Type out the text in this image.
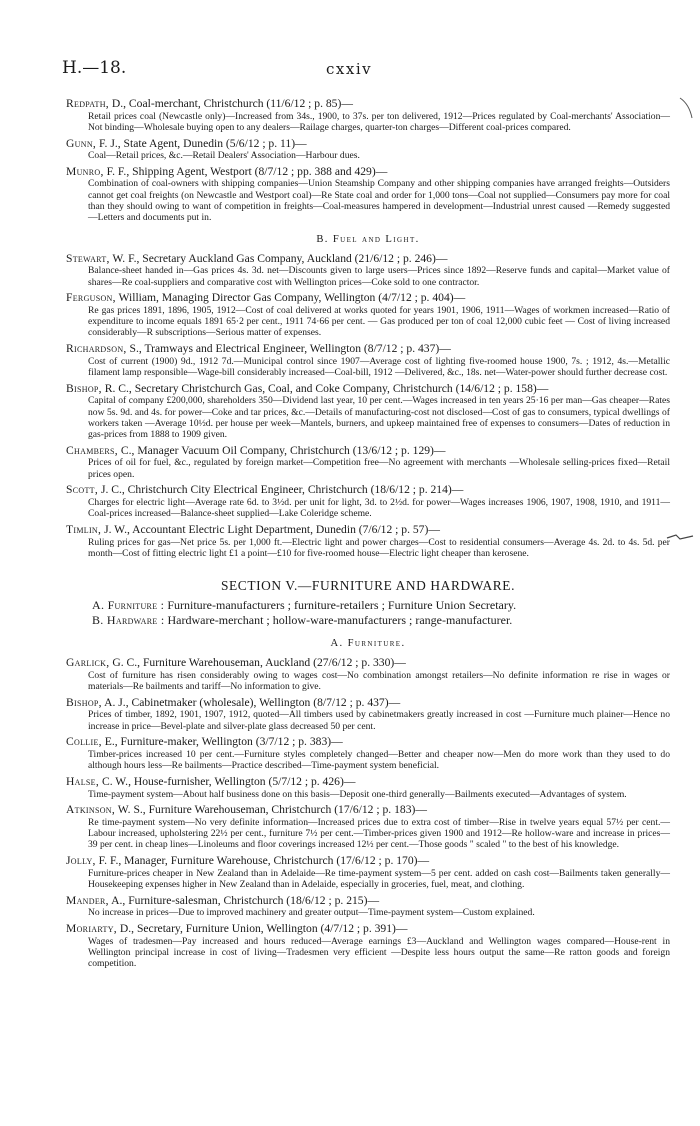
H.—18.	cxxiv
Redpath, D., Coal-merchant, Christchurch (11/6/12 ; p. 85)—
Retail prices coal (Newcastle only)—Increased from 34s., 1900, to 37s. per ton delivered, 1912—Prices regulated by Coal-merchants' Association—Not binding—Wholesale buying open to any dealers—Railage charges, quarter-ton charges—Different coal-prices compared.
Gunn, F. J., State Agent, Dunedin (5/6/12 ; p. 11)—
Coal—Retail prices, &c.—Retail Dealers' Association—Harbour dues.
Munro, F. F., Shipping Agent, Westport (8/7/12 ; pp. 388 and 429)—
Combination of coal-owners with shipping companies—Union Steamship Company and other shipping companies have arranged freights—Outsiders cannot get coal freights (on Newcastle and Westport coal)—Re State coal and order for 1,000 tons—Coal not supplied—Consumers pay more for coal than they should owing to want of competition in freights—Coal-measures hampered in development—Industrial unrest caused —Remedy suggested—Letters and documents put in.
B. Fuel and Light.
Stewart, W. F., Secretary Auckland Gas Company, Auckland (21/6/12 ; p. 246)—
Balance-sheet handed in—Gas prices 4s. 3d. net—Discounts given to large users—Prices since 1892—Reserve funds and capital—Market value of shares—Re coal-suppliers and comparative cost with Wellington prices—Coke sold to one contractor.
Ferguson, William, Managing Director Gas Company, Wellington (4/7/12 ; p. 404)—
Re gas prices 1891, 1896, 1905, 1912—Cost of coal delivered at works quoted for years 1901, 1906, 1911—Wages of workmen increased—Ratio of expenditure to income equals 1891 65·2 per cent., 1911 74·66 per cent. — Gas produced per ton of coal 12,000 cubic feet — Cost of living increased considerably—R subscriptions—Serious matter of expenses.
Richardson, S., Tramways and Electrical Engineer, Wellington (8/7/12 ; p. 437)—
Cost of current (1900) 9d., 1912 7d.—Municipal control since 1907—Average cost of lighting five-roomed house 1900, 7s. ; 1912, 4s.—Metallic filament lamp responsible—Wage-bill considerably increased—Coal-bill, 1912 —Delivered, &c., 18s. net—Water-power should further decrease cost.
Bishop, R. C., Secretary Christchurch Gas, Coal, and Coke Company, Christchurch (14/6/12 ; p. 158)—
Capital of company £200,000, shareholders 350—Dividend last year, 10 per cent.—Wages increased in ten years 25·16 per man—Gas cheaper—Rates now 5s. 9d. and 4s. for power—Coke and tar prices, &c.—Details of manufacturing-cost not disclosed—Cost of gas to consumers, typical dwellings of workers taken —Average 10½d. per house per week—Mantels, burners, and upkeep maintained free of expenses to consumers—Dates of reduction in gas-prices from 1888 to 1909 given.
Chambers, C., Manager Vacuum Oil Company, Christchurch (13/6/12 ; p. 129)—
Prices of oil for fuel, &c., regulated by foreign market—Competition free—No agreement with merchants —Wholesale selling-prices fixed—Retail prices open.
Scott, J. C., Christchurch City Electrical Engineer, Christchurch (18/6/12 ; p. 214)—
Charges for electric light—Average rate 6d. to 3½d. per unit for light, 3d. to 2½d. for power—Wages increases 1906, 1907, 1908, 1910, and 1911—Coal-prices increased—Balance-sheet supplied—Lake Coleridge scheme.
Timlin, J. W., Accountant Electric Light Department, Dunedin (7/6/12 ; p. 57)—
Ruling prices for gas—Net price 5s. per 1,000 ft.—Electric light and power charges—Cost to residential consumers—Average 4s. 2d. to 4s. 5d. per month—Cost of fitting electric light £1 a point—£10 for five-roomed house—Electric light cheaper than kerosene.
SECTION V.—FURNITURE AND HARDWARE.
A. Furniture : Furniture-manufacturers ; furniture-retailers ; Furniture Union Secretary.
B. Hardware : Hardware-merchant ; hollow-ware-manufacturers ; range-manufacturer.
A. Furniture.
Garlick, G. C., Furniture Warehouseman, Auckland (27/6/12 ; p. 330)—
Cost of furniture has risen considerably owing to wages cost—No combination amongst retailers—No definite information re rise in wages or materials—Re bailments and tariff—No information to give.
Bishop, A. J., Cabinetmaker (wholesale), Wellington (8/7/12 ; p. 437)—
Prices of timber, 1892, 1901, 1907, 1912, quoted—All timbers used by cabinetmakers greatly increased in cost —Furniture much plainer—Hence no increase in price—Bevel-plate and silver-plate glass decreased 50 per cent.
Collie, E., Furniture-maker, Wellington (3/7/12 ; p. 383)—
Timber-prices increased 10 per cent.—Furniture styles completely changed—Better and cheaper now—Men do more work than they used to do although hours less—Re bailments—Practice described—Time-payment system beneficial.
Halse, C. W., House-furnisher, Wellington (5/7/12 ; p. 426)—
Time-payment system—About half business done on this basis—Deposit one-third generally—Bailments executed—Advantages of system.
Atkinson, W. S., Furniture Warehouseman, Christchurch (17/6/12 ; p. 183)—
Re time-payment system—No very definite information—Increased prices due to extra cost of timber—Rise in twelve years equal 57½ per cent.—Labour increased, upholstering 22½ per cent., furniture 7½ per cent.—Timber-prices given 1900 and 1912—Re hollow-ware and increase in prices—39 per cent. in cheap lines—Linoleums and floor coverings increased 12½ per cent.—Those goods " scaled " to the best of his knowledge.
Jolly, F. F., Manager, Furniture Warehouse, Christchurch (17/6/12 ; p. 170)—
Furniture-prices cheaper in New Zealand than in Adelaide—Re time-payment system—5 per cent. added on cash cost—Bailments taken generally—Housekeeping expenses higher in New Zealand than in Adelaide, especially in groceries, fuel, meat, and clothing.
Mander, A., Furniture-salesman, Christchurch (18/6/12 ; p. 215)—
No increase in prices—Due to improved machinery and greater output—Time-payment system—Custom explained.
Moriarty, D., Secretary, Furniture Union, Wellington (4/7/12 ; p. 391)—
Wages of tradesmen—Pay increased and hours reduced—Average earnings £3—Auckland and Wellington wages compared—House-rent in Wellington principal increase in cost of living—Tradesmen very efficient —Despite less hours output the same—Re ratton goods and foreign competition.
